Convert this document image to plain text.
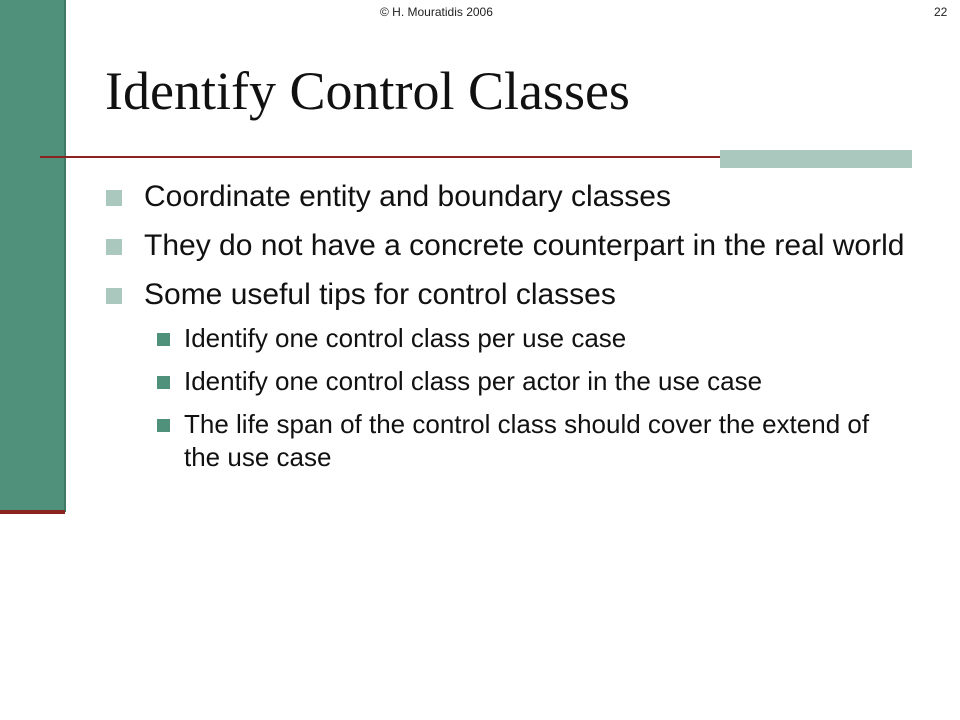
© H. Mouratidis 2006	22
Identify Control Classes
Coordinate entity and boundary classes
They do not have a concrete counterpart in the real world
Some useful tips for control classes
Identify one control class per use case
Identify one control class per actor in the use case
The life span of the control class should cover the extend of the use case
